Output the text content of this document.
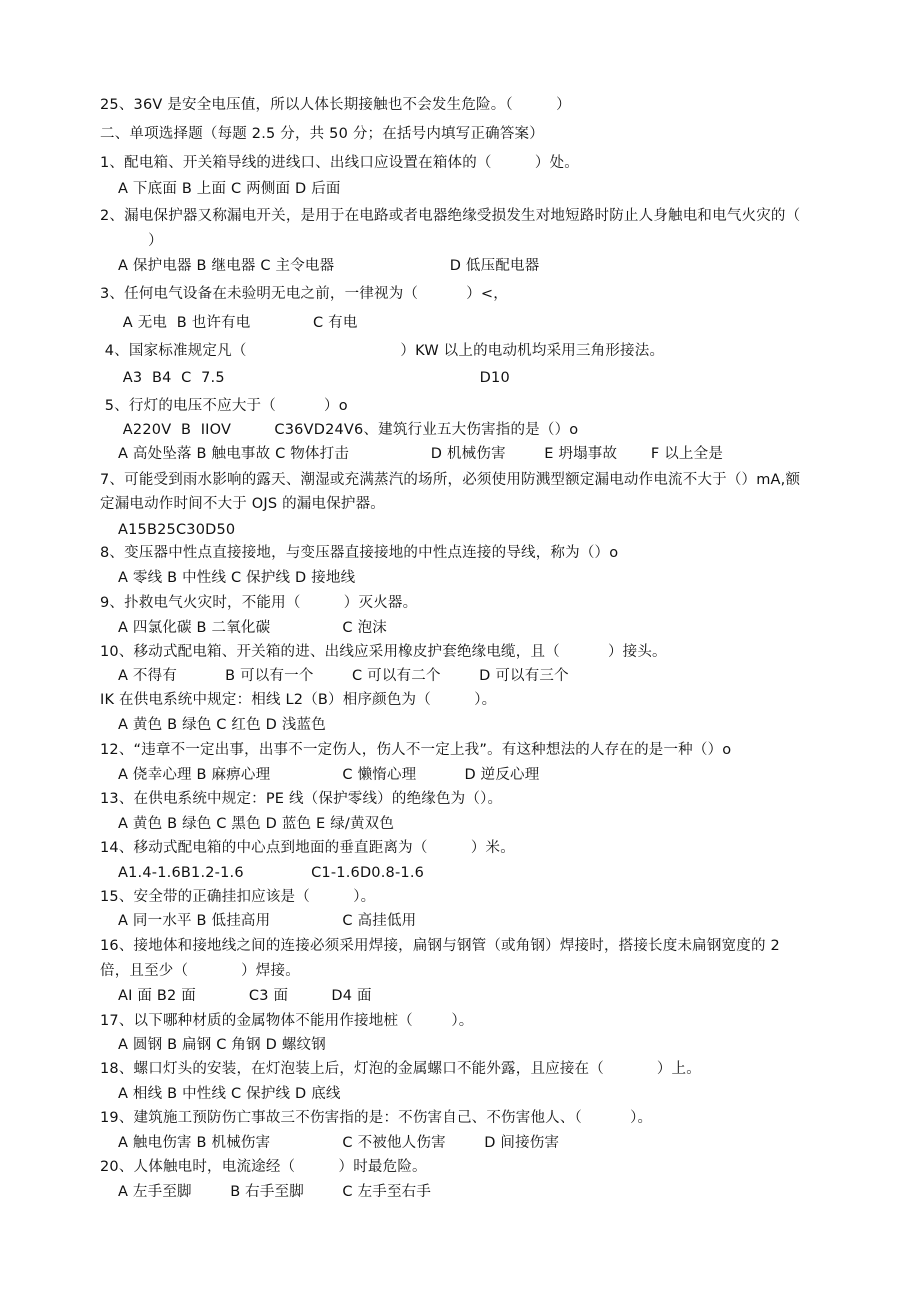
25、36V 是安全电压值，所以人体长期接触也不会发生危险。（         ）
二、单项选择题（每题 2.5 分，共 50 分；在括号内填写正确答案）
1、配电箱、开关箱导线的进线口、出线口应设置在箱体的（         ）处。
A 下底面 B 上面 C 两侧面 D 后面
2、漏电保护器又称漏电开关，是用于在电路或者电器绝缘受损发生对地短路时防止人身触电和电气火灾的（
）
A 保护电器 B 继电器 C 主令电器                        D 低压配电器
3、任何电气设备在未验明无电之前，一律视为（          ）<，
A 无电  B 也许有电             C 有电
4、国家标准规定凡（                                ）KW 以上的电动机均采用三角形接法。
A3  B4  C  7.5                                                     D10
5、行灯的电压不应大于（          ）o
A220V  B  IIOV         C36VD24V6、建筑行业五大伤害指的是（）o
A 高处坠落 B 触电事故 C 物体打击                 D 机械伤害        E 坍塌事故       F 以上全是
7、可能受到雨水影响的露天、潮湿或充满蒸汽的场所，必须使用防溅型额定漏电动作电流不大于（）mA,额
定漏电动作时间不大于 OJS 的漏电保护器。
A15B25C30D50
8、变压器中性点直接接地，与变压器直接接地的中性点连接的导线，称为（）o
A 零线 B 中性线 C 保护线 D 接地线
9、扑救电气火灾时，不能用（         ）灭火器。
A 四氯化碳 B 二氧化碳               C 泡沫
10、移动式配电箱、开关箱的进、出线应采用橡皮护套绝缘电缆，且（          ）接头。
A 不得有          B 可以有一个        C 可以有二个        D 可以有三个
IK 在供电系统中规定：相线 L2（B）相序颜色为（         ）。
A 黄色 B 绿色 C 红色 D 浅蓝色
12、“违章不一定出事，出事不一定伤人，伤人不一定上我”。有这种想法的人存在的是一种（）o
A 侥幸心理 B 麻痹心理               C 懒惰心理          D 逆反心理
13、在供电系统中规定：PE 线（保护零线）的绝缘色为（）。
A 黄色 B 绿色 C 黑色 D 蓝色 E 绿/黄双色
14、移动式配电箱的中心点到地面的垂直距离为（         ）米。
A1.4-1.6B1.2-1.6              C1-1.6D0.8-1.6
15、安全带的正确挂扣应该是（         ）。
A 同一水平 B 低挂高用               C 高挂低用
16、接地体和接地线之间的连接必须采用焊接，扁钢与钢管（或角钢）焊接时，搭接长度未扁钢宽度的 2
倍，且至少（           ）焊接。
AI 面 B2 面           C3 面         D4 面
17、以下哪种材质的金属物体不能用作接地桩（        ）。
A 圆钢 B 扁钢 C 角钢 D 螺纹钢
18、螺口灯头的安装，在灯泡装上后，灯泡的金属螺口不能外露，且应接在（           ）上。
A 相线 B 中性线 C 保护线 D 底线
19、建筑施工预防伤亡事故三不伤害指的是：不伤害自己、不伤害他人、（          ）。
A 触电伤害 B 机械伤害               C 不被他人伤害        D 间接伤害
20、人体触电时，电流途经（         ）时最危险。
A 左手至脚        B 右手至脚        C 左手至右手
